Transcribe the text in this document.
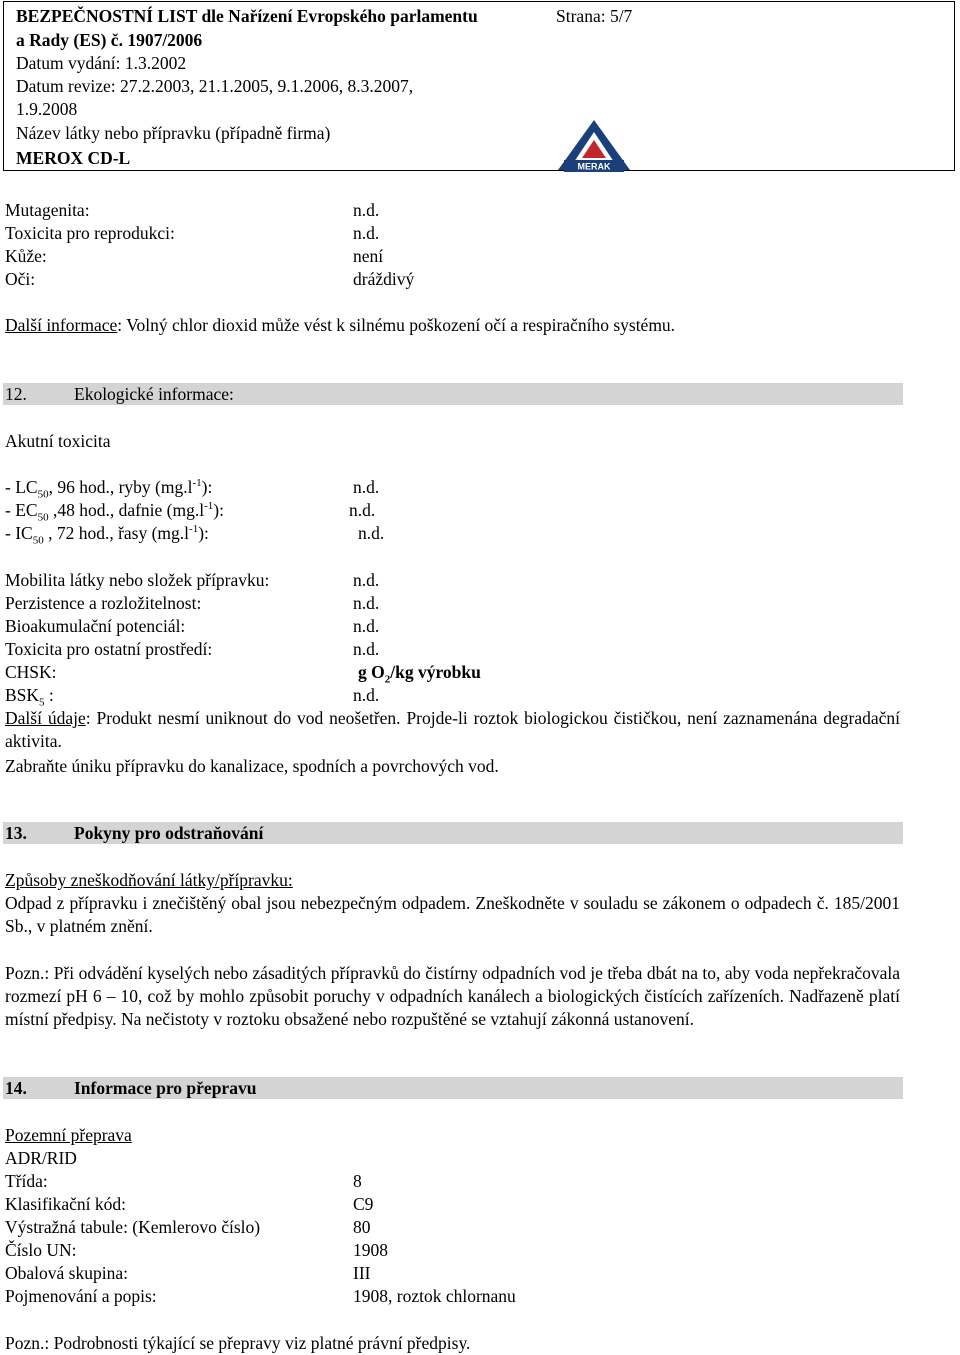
BEZPEČNOSTNÍ LIST dle Nařízení Evropského parlamentu
a Rady (ES) č. 1907/2006
Strana: 5/7
Datum vydání: 1.3.2002
Datum revize: 27.2.2003, 21.1.2005, 9.1.2006, 8.3.2007,
1.9.2008
Název látky nebo přípravku (případně firma)
MEROX CD-L	MERAK
Mutagenita:	n.d.
Toxicita pro reprodukci:	n.d.
Kůže:	není
Oči:	dráždivý
Další informace: Volný chlor dioxid může vést k silnému poškození očí a respiračního systému.
12.	Ekologické informace:
Akutní toxicita
- $LC_{50}$, 96 hod., ryby $(mg.l^{-1})$:	n.d.
- $EC_{50}$ ,48 hod., dafnie $(mg.l^{-1})$:	n.d.
- $IC_{50}$ , 72 hod., řasy $(mg.l^{-1})$:	n.d.
Mobilita látky nebo složek přípravku:	n.d.
Perzistence a rozložitelnost:	n.d.
Bioakumulační potenciál:	n.d.
Toxicita pro ostatní prostředí:	n.d.
CHSK:	g $O_2/kg$ výrobku
$BSK_5$ :	n.d.
Další údaje: Produkt nesmí uniknout do vod neošetřen. Projde-li roztok biologickou čističkou, není zaznamenána degradační aktivita.
Zabraňte úniku přípravku do kanalizace, spodních a povrchových vod.
13.	Pokyny pro odstraňování
Způsoby zneškodňování látky/přípravku:
Odpad z přípravku i znečištěný obal jsou nebezpečným odpadem. Zneškodněte v souladu se zákonem o odpadech č. 185/2001 Sb., v platném znění.
Pozn.: Při odvádění kyselých nebo zásaditých přípravků do čistírny odpadních vod je třeba dbát na to, aby voda nepřekračovala rozmezí pH 6 – 10, což by mohlo způsobit poruchy v odpadních kanálech a biologických čistících zařízeních. Nadřazeně platí místní předpisy. Na nečistoty v roztoku obsažené nebo rozpuštěné se vztahují zákonná ustanovení.
14.	Informace pro přepravu
Pozemní přeprava
ADR/RID
Třída:	8
Klasifikační kód:	C9
Výstražná tabule: (Kemlerovo číslo)	80
Číslo UN:	1908
Obalová skupina:	III
Pojmenování a popis:	1908, roztok chlornanu
Pozn.: Podrobnosti týkající se přepravy viz platné právní předpisy.
